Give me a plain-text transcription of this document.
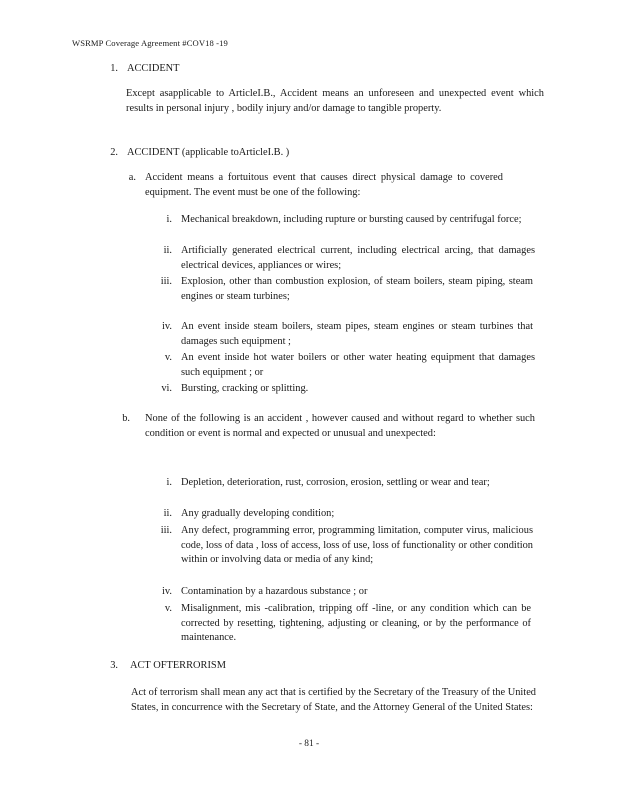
WSRMP Coverage Agreement #COV18 -19
1. ACCIDENT
Except asapplicable to ArticleI.B., Accident means an unforeseen and unexpected event which results in personal injury , bodily injury and/or damage to tangible property.
2. ACCIDENT (applicable toArticleI.B. )
a. Accident means a fortuitous event that causes direct physical damage to covered equipment. The event must be one of the following:
i. Mechanical breakdown, including rupture or bursting caused by centrifugal force;
ii. Artificially generated electrical current, including electrical arcing, that damages electrical devices, appliances or wires;
iii. Explosion, other than combustion explosion, of steam boilers, steam piping, steam engines or steam turbines;
iv. An event inside steam boilers, steam pipes, steam engines or steam turbines that damages such equipment ;
v. An event inside hot water boilers or other water heating equipment that damages such equipment ; or
vi. Bursting, cracking or splitting.
b. None of the following is an accident , however caused and without regard to whether such condition or event is normal and expected or unusual and unexpected:
i. Depletion, deterioration, rust, corrosion, erosion, settling or wear and tear;
ii. Any gradually developing condition;
iii. Any defect, programming error, programming limitation, computer virus, malicious code, loss of data , loss of access, loss of use, loss of functionality or other condition within or involving data or media of any kind;
iv. Contamination by a hazardous substance ; or
v. Misalignment, mis -calibration, tripping off -line, or any condition which can be corrected by resetting, tightening, adjusting or cleaning, or by the performance of maintenance.
3. ACT OFTERRORISM
Act of terrorism shall mean any act that is certified by the Secretary of the Treasury of the United States, in concurrence with the Secretary of State, and the Attorney General of the United States:
- 81 -
